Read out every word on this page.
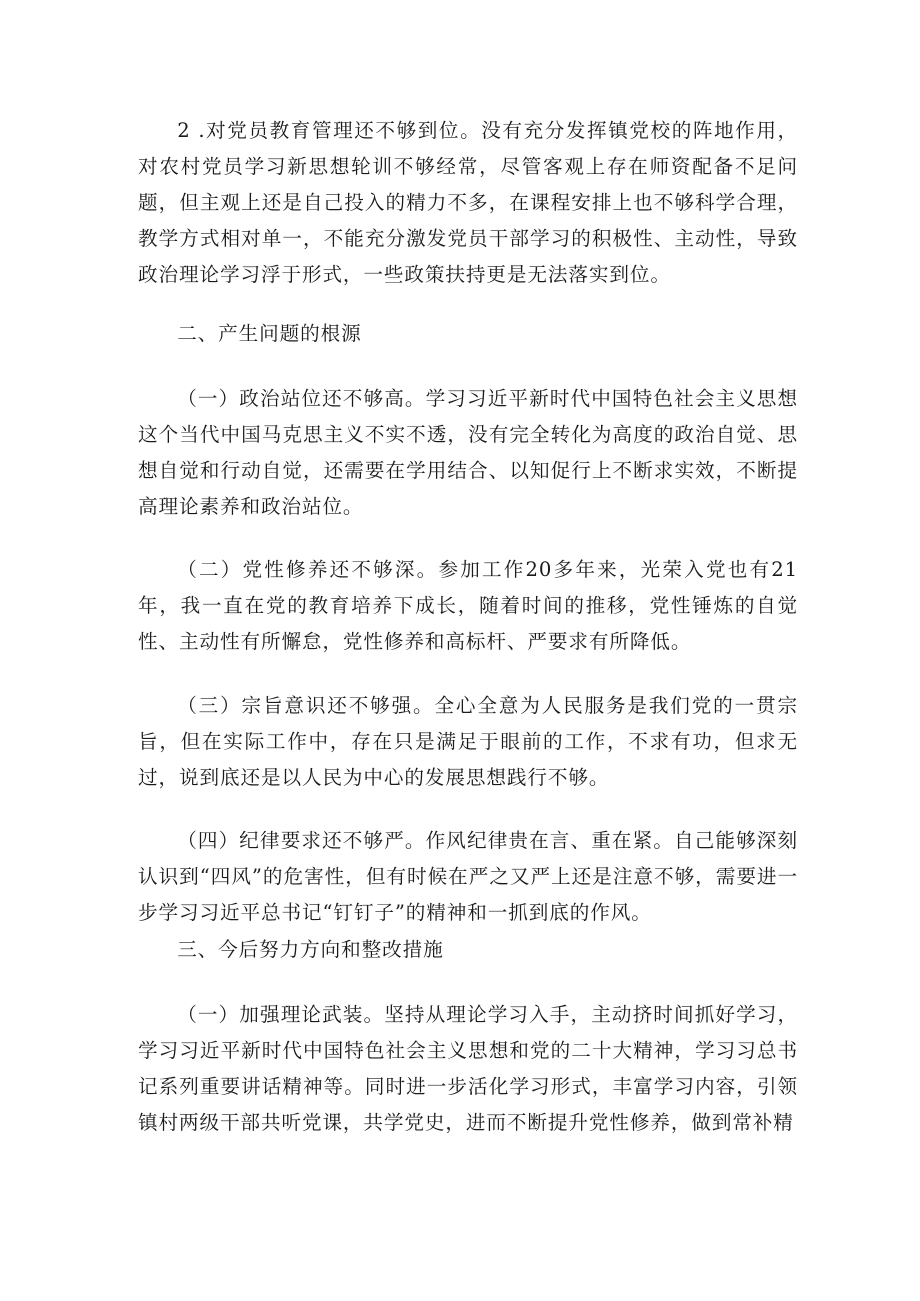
2 .对党员教育管理还不够到位。没有充分发挥镇党校的阵地作用，对农村党员学习新思想轮训不够经常，尽管客观上存在师资配备不足问题，但主观上还是自己投入的精力不多，在课程安排上也不够科学合理，教学方式相对单一，不能充分激发党员干部学习的积极性、主动性，导致政治理论学习浮于形式，一些政策扶持更是无法落实到位。

二、产生问题的根源

（一）政治站位还不够高。学习习近平新时代中国特色社会主义思想这个当代中国马克思主义不实不透，没有完全转化为高度的政治自觉、思想自觉和行动自觉，还需要在学用结合、以知促行上不断求实效，不断提高理论素养和政治站位。

（二）党性修养还不够深。参加工作20多年来，光荣入党也有21年，我一直在党的教育培养下成长，随着时间的推移，党性锤炼的自觉性、主动性有所懈怠，党性修养和高标杆、严要求有所降低。

（三）宗旨意识还不够强。全心全意为人民服务是我们党的一贯宗旨，但在实际工作中，存在只是满足于眼前的工作，不求有功，但求无过，说到底还是以人民为中心的发展思想践行不够。

（四）纪律要求还不够严。作风纪律贵在言、重在紧。自己能够深刻认识到“四风”的危害性，但有时候在严之又严上还是注意不够，需要进一步学习习近平总书记“钉钉子”的精神和一抓到底的作风。

三、今后努力方向和整改措施

（一）加强理论武装。坚持从理论学习入手，主动挤时间抓好学习，学习习近平新时代中国特色社会主义思想和党的二十大精神，学习习总书记系列重要讲话精神等。同时进一步活化学习形式，丰富学习内容，引领镇村两级干部共听党课，共学党史，进而不断提升党性修养，做到常补精
